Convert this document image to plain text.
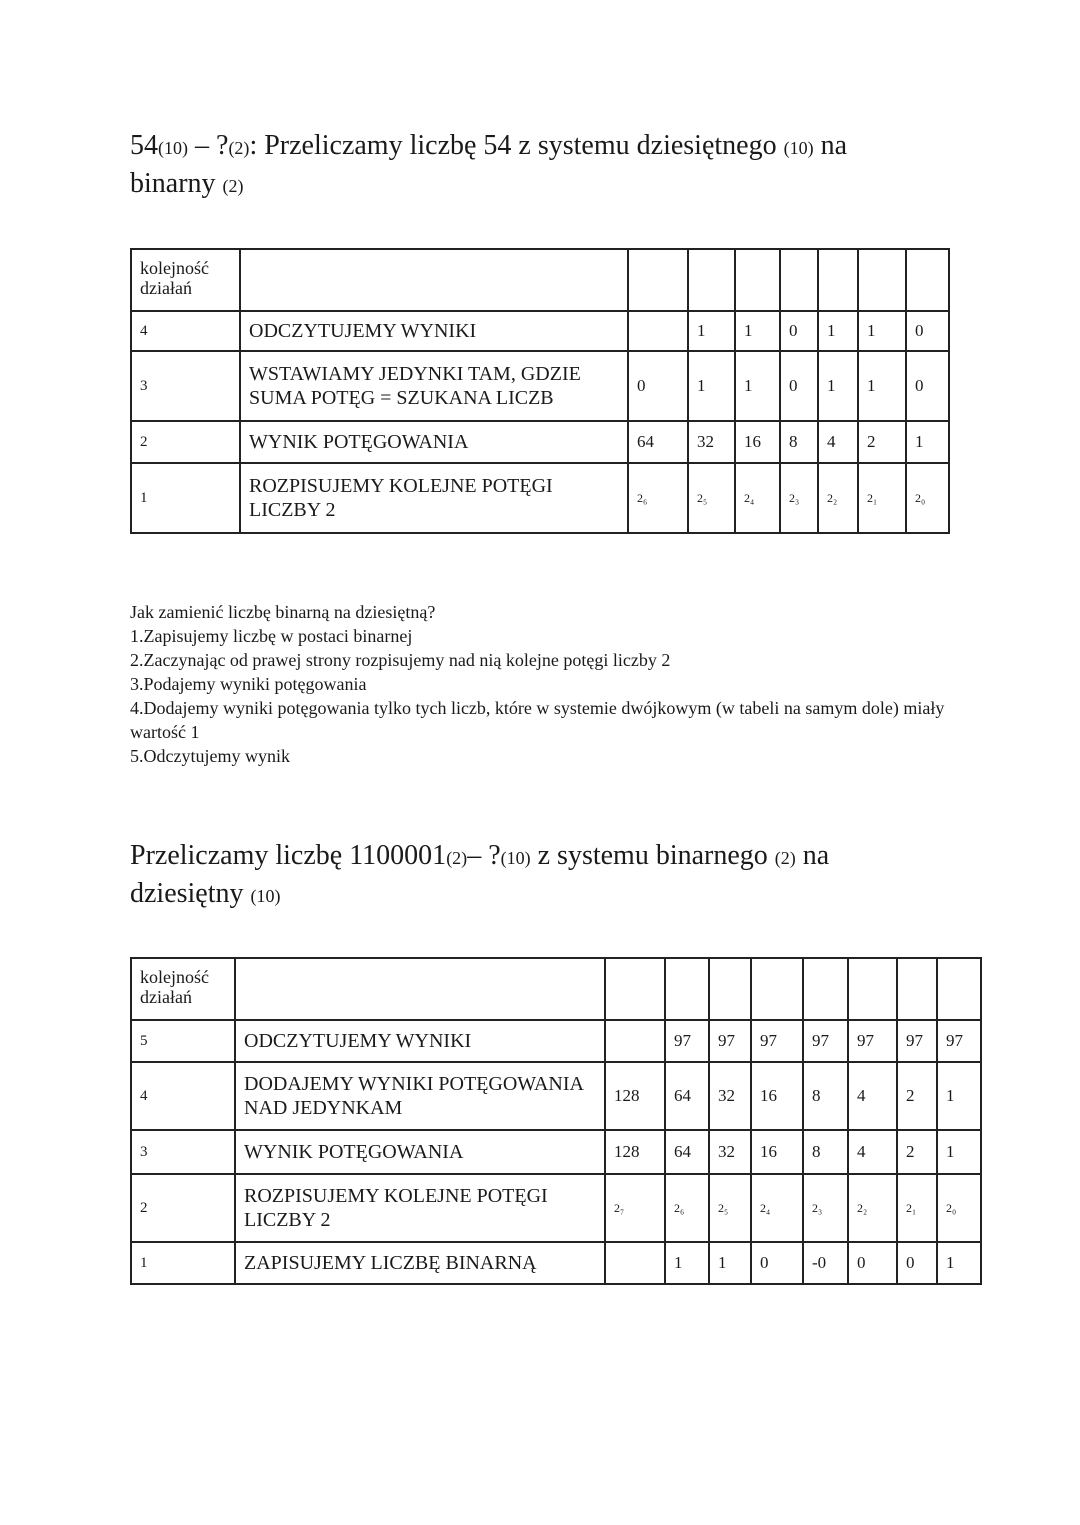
54(10) – ?(2): Przeliczamy liczbę 54 z systemu dziesiętnego (10) na binarny (2)
kolejność działań								
4	ODCZYTUJEMY WYNIKI		1	1	0	1	1	0
3	WSTAWIAMY JEDYNKI TAM, GDZIE SUMA POTĘG = SZUKANA LICZB	0	1	1	0	1	1	0
2	WYNIK POTĘGOWANIA	64	32	16	8	4	2	1
1	ROZPISUJEMY KOLEJNE POTĘGI LICZBY 2	2₆	2₅	2₄	2₃	2₂	2₁	2₀
Jak zamienić liczbę binarną na dziesiętną?
1.Zapisujemy liczbę w postaci binarnej
2.Zaczynając od prawej strony rozpisujemy nad nią kolejne potęgi liczby 2
3.Podajemy wyniki potęgowania
4.Dodajemy wyniki potęgowania tylko tych liczb, które w systemie dwójkowym (w tabeli na samym dole) miały wartość 1
5.Odczytujemy wynik
Przeliczamy liczbę 1100001(2)– ?(10) z systemu binarnego (2) na dziesiętny (10)
kolejność działań									
5	ODCZYTUJEMY WYNIKI		97	97	97	97	97	97	97
4	DODAJEMY WYNIKI POTĘGOWANIA NAD JEDYNKAM	128	64	32	16	8	4	2	1
3	WYNIK POTĘGOWANIA	128	64	32	16	8	4	2	1
2	ROZPISUJEMY KOLEJNE POTĘGI LICZBY 2	2₇	2₆	2₅	2₄	2₃	2₂	2₁	2₀
1	ZAPISUJEMY LICZBĘ BINARNĄ		1	1	0	-0	0	0	1
